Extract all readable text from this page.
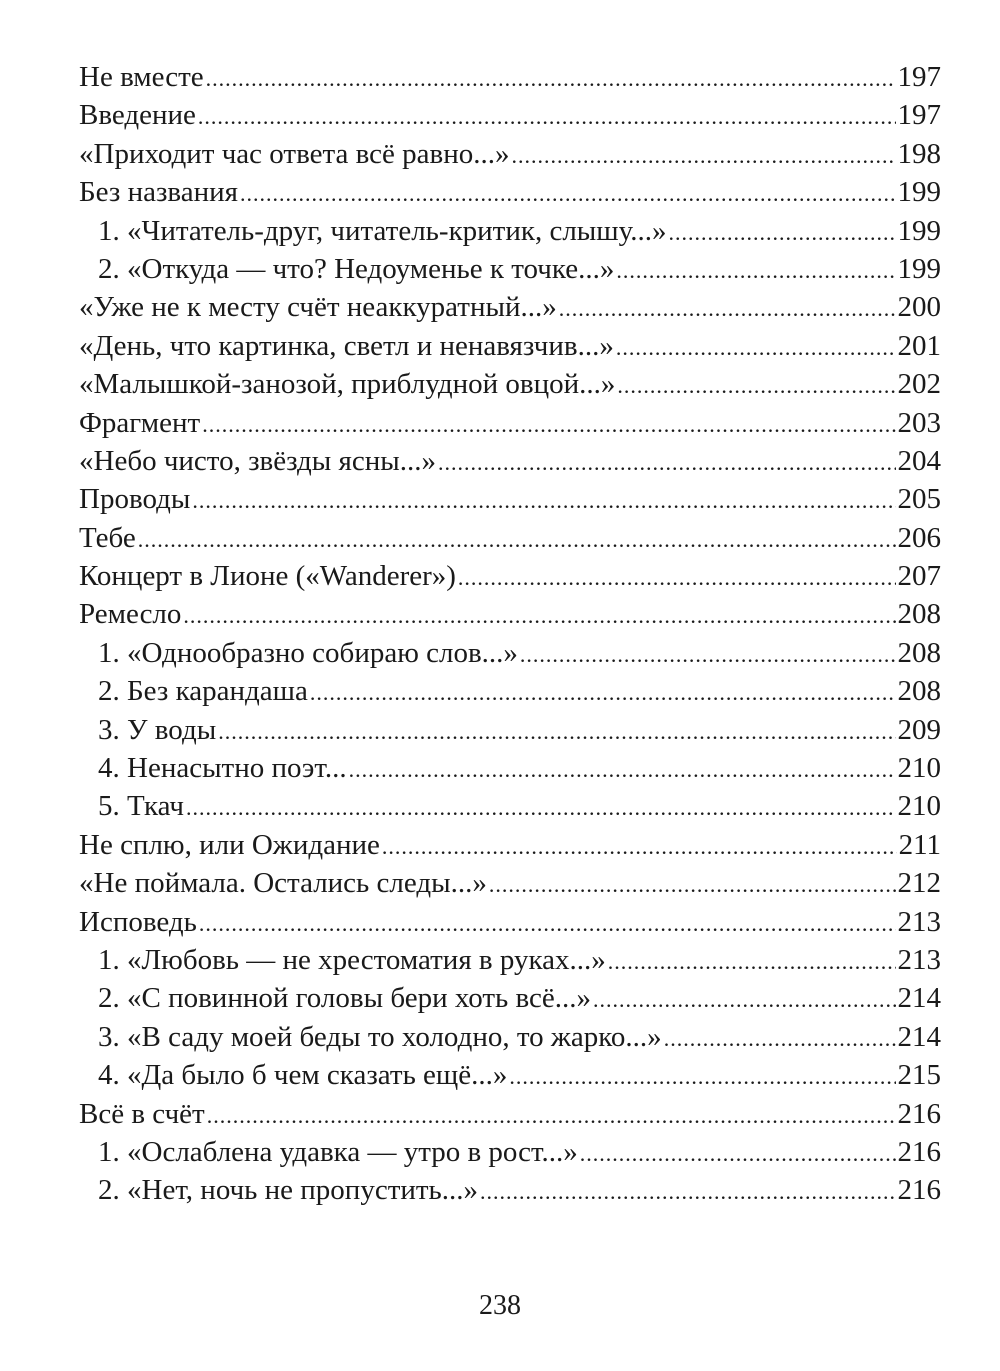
Не вместе .....	197
Введение .....	197
«Приходит час ответа всё равно...» .....	198
Без названия .....	199
1. «Читатель-друг, читатель-критик, слышу...» .....	199
2. «Откуда — что? Недоуменье к точке...» .....	199
«Уже не к месту счёт неаккуратный...» .....	200
«День, что картинка, светл и ненавязчив...» .....	201
«Малышкой-занозой, приблудной овцой...» .....	202
Фрагмент .....	203
«Небо чисто, звёзды ясны...» .....	204
Проводы .....	205
Тебе .....	206
Концерт в Лионе («Wanderer») .....	207
Ремесло .....	208
1. «Однообразно собираю слов...» .....	208
2. Без карандаша .....	208
3. У воды .....	209
4. Ненасытно поэт... .....	210
5. Ткач .....	210
Не сплю, или Ожидание .....	211
«Не поймала. Остались следы...» .....	212
Исповедь .....	213
1. «Любовь — не хрестоматия в руках...» .....	213
2. «С повинной головы бери хоть всё...» .....	214
3. «В саду моей беды то холодно, то жарко...» .....	214
4. «Да было б чем сказать ещё...» .....	215
Всё в счёт .....	216
1. «Ослаблена удавка — утро в рост...» .....	216
2. «Нет, ночь не пропустить...» .....	216
238
